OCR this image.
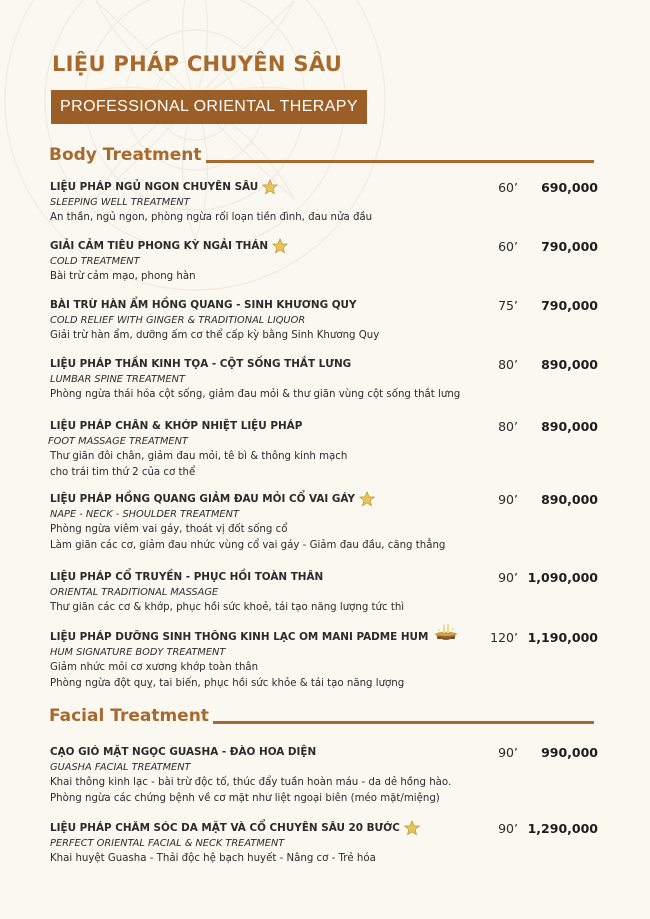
LIỆU PHÁP CHUYÊN SÂU
PROFESSIONAL ORIENTAL THERAPY
Body Treatment
LIỆU PHÁP NGỦ NGON CHUYÊN SÂU
SLEEPING WELL TREATMENT
An thần, ngủ ngon, phòng ngừa rối loạn tiền đình, đau nửa đầu
60’ 690,000
GIẢI CẢM TIÊU PHONG KỲ NGẢI THÁN
COLD TREATMENT
Bài trừ cảm mạo, phong hàn
60’ 790,000
BÀI TRỪ HÀN ẨM HỒNG QUANG - SINH KHƯƠNG QUY
COLD RELIEF WITH GINGER & TRADITIONAL LIQUOR
Giải trừ hàn ẩm, dưỡng ấm cơ thể cấp kỳ bằng Sinh Khương Quy
75’ 790,000
LIỆU PHÁP THẦN KINH TỌA - CỘT SỐNG THẮT LƯNG
LUMBAR SPINE TREATMENT
Phòng ngừa thái hóa cột sống, giảm đau mỏi & thư giãn vùng cột sống thắt lưng
80’ 890,000
LIỆU PHÁP CHÂN & KHỚP NHIỆT LIỆU PHÁP
FOOT MASSAGE TREATMENT
Thư giãn đôi chân, giảm đau mỏi, tê bì & thông kinh mạch
cho trái tim thứ 2 của cơ thể
80’ 890,000
LIỆU PHÁP HỒNG QUANG GIẢM ĐAU MỎI CỔ VAI GÁY
NAPE - NECK - SHOULDER TREATMENT
Phòng ngừa viêm vai gáy, thoát vị đốt sống cổ
Làm giãn các cơ, giảm đau nhức vùng cổ vai gáy - Giảm đau đầu, căng thẳng
90’ 890,000
LIỆU PHÁP CỔ TRUYỀN - PHỤC HỒI TOÀN THÂN
ORIENTAL TRADITIONAL MASSAGE
Thư giãn các cơ & khớp, phục hồi sức khoẻ, tái tạo năng lượng tức thì
90’ 1,090,000
LIỆU PHÁP DƯỠNG SINH THÔNG KINH LẠC OM MANI PADME HUM
HUM SIGNATURE BODY TREATMENT
Giảm nhức mỏi cơ xương khớp toàn thân
Phòng ngừa đột quỵ, tai biến, phục hồi sức khỏe & tái tạo năng lượng
120’ 1,190,000
Facial Treatment
CẠO GIÓ MẶT NGỌC GUASHA - ĐÀO HOA DIỆN
GUASHA FACIAL TREATMENT
Khai thông kinh lạc - bài trừ độc tố, thúc đẩy tuần hoàn máu - da dẻ hồng hào.
Phòng ngừa các chứng bệnh về cơ mặt như liệt ngoại biên (méo mặt/miệng)
90’ 990,000
LIỆU PHÁP CHĂM SÓC DA MẶT VÀ CỔ CHUYÊN SÂU 20 BƯỚC
PERFECT ORIENTAL FACIAL & NECK TREATMENT
Khai huyệt Guasha - Thải độc hệ bạch huyết - Nâng cơ - Trẻ hóa
90’ 1,290,000
